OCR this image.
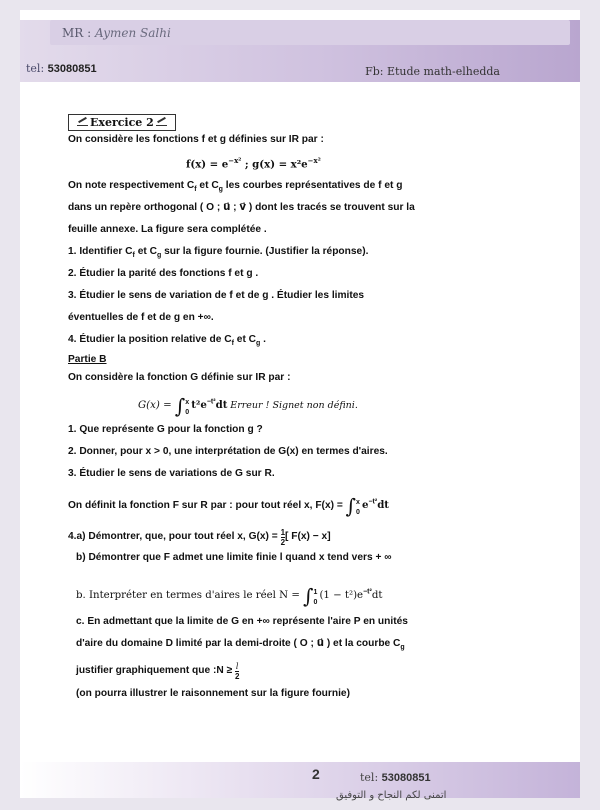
MR : Aymen Salhi
tel: 53080851	Fb: Etude math-elhedda
Exercice 2
On considère les fonctions f et g définies sur IR par :
$f(x) = e^{-x^2}$ ; $g(x) = x^2e^{-x^2}$
On note respectivement $C_f$ et $C_g$ les courbes représentatives de f et g
dans un repère orthogonal ( O ; u⃗ ; v⃗ ) dont les tracés se trouvent sur la
feuille annexe. La figure sera complétée .
1. Identifier $C_f$ et $C_g$ sur la figure fournie. (Justifier la réponse).
2. Étudier la parité des fonctions f et g .
3. Étudier le sens de variation de f et de g . Étudier les limites
éventuelles de f et de g en +∞.
4. Étudier la position relative de $C_f$ et $C_g$ .
Partie B
On considère la fonction G définie sur IR par :
G(x) = ∫ x
0
$t^2e^{-t^2}dt$ Erreur ! Signet non défini.
1. Que représente G pour la fonction g ?
2. Donner, pour x > 0, une interprétation de G(x) en termes d'aires.
3. Étudier le sens de variations de G sur R.
On définit la fonction F sur R par : pour tout réel x, F(x) = ∫ x
0
$e^{-t^2}dt$
4.a) Démontrer, que, pour tout réel x, $G(x) = \frac{1}{2}$ [ F(x) − x]
b) Démontrer que F admet une limite finie l quand x tend vers + ∞
b. Interpréter en termes d'aires le réel N = ∫ 1
0
$(1 - t^2)e^{-t^2}dt$
c. En admettant que la limite de G en +∞ représente l'aire P en unités
d'aire du domaine D limité par la demi-droite ( O ; u⃗ ) et la courbe $C_g$
justifier graphiquement que :N ≥ $\frac{l}{2}$
(on pourra illustrer le raisonnement sur la figure fournie)
2	tel: 53080851
اتمنى لكم النجاح و التوفيق
